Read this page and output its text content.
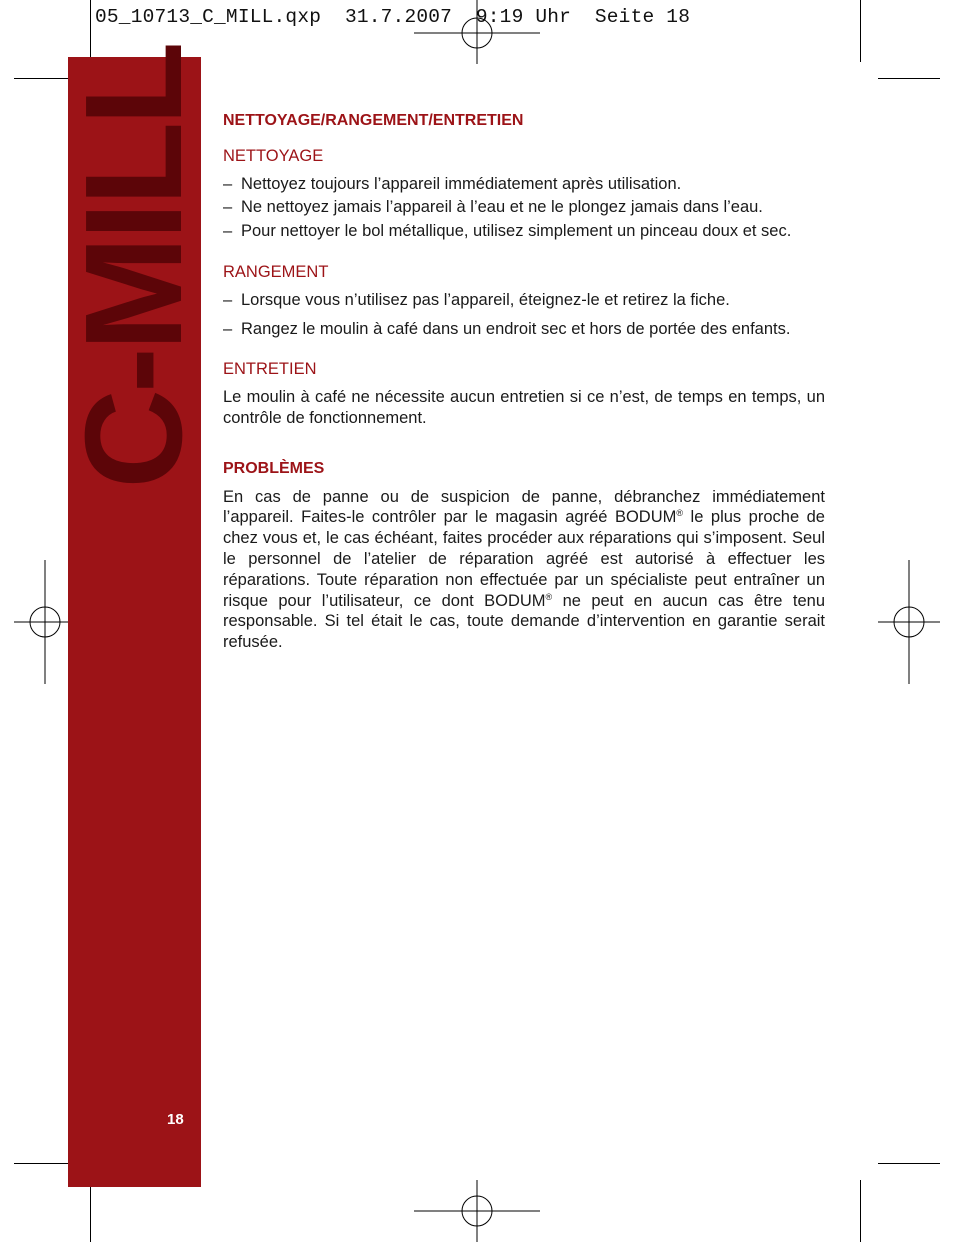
05_10713_C_MILL.qxp  31.7.2007  9:19 Uhr  Seite 18
C-MILL
18
NETTOYAGE/RANGEMENT/ENTRETIEN
NETTOYAGE
– Nettoyez toujours l’appareil immédiatement après utilisation.
– Ne nettoyez jamais l’appareil à l’eau et ne le plongez jamais dans l’eau.
– Pour nettoyer le bol métallique, utilisez simplement un pinceau doux et sec.
RANGEMENT
– Lorsque vous n’utilisez pas l’appareil, éteignez-le et retirez la fiche.
– Rangez le moulin à café dans un endroit sec et hors de portée des enfants.
ENTRETIEN

Le moulin à café ne nécessite aucun entretien si ce n’est, de temps en temps, un contrôle de fonctionnement.

PROBLÈMES

En cas de panne ou de suspicion de panne, débranchez immédiatement l’appareil. Faites-le contrôler par le magasin agréé BODUM® le plus proche de chez vous et, le cas échéant, faites procéder aux réparations qui s’imposent. Seul le personnel de l’atelier de réparation agréé est autorisé à effectuer les réparations. Toute réparation non effectuée par un spécialiste peut entraîner un risque pour l’utilisateur, ce dont BODUM® ne peut en aucun cas être tenu responsable. Si tel était le cas, toute demande d’intervention en garantie serait refusée.
